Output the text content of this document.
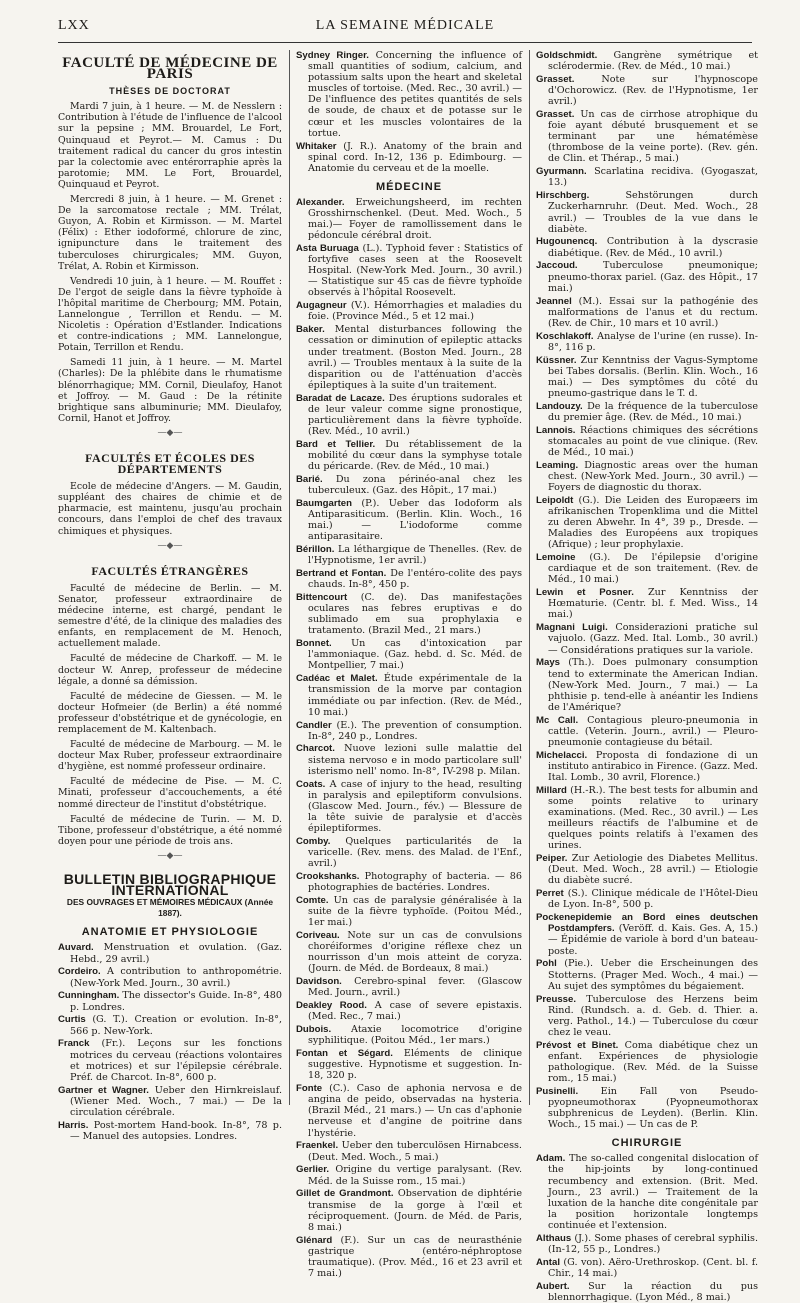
LXX	LA SEMAINE MÉDICALE
FACULTÉ DE MÉDECINE DE PARIS
THÈSES DE DOCTORAT

Mardi 7 juin, à 1 heure. — M. de Nesslern : Contribution à l'étude de l'influence de l'alcool sur la pepsine ; MM. Brouardel, Le Fort, Quinquaud et Peyrot.— M. Camus : Du traitement radical du cancer du gros intestin par la colectomie avec entérorraphie après la parotomie; MM. Le Fort, Brouardel, Quinquaud et Peyrot.

Mercredi 8 juin, à 1 heure. — M. Grenet : De la sarcomatose rectale ; MM. Trélat, Guyon, A. Robin et Kirmisson. — M. Martel (Félix) : Ether iodoformé, chlorure de zinc, ignipuncture dans le traitement des tuberculoses chirurgicales; MM. Guyon, Trélat, A. Robin et Kirmisson.

Vendredi 10 juin, à 1 heure. — M. Rouffet : De l'ergot de seigle dans la fièvre typhoïde à l'hôpital maritime de Cherbourg; MM. Potain, Lannelongue , Terrillon et Rendu. — M. Nicoletis : Opération d'Estlander. Indications et contre-indications ; MM. Lannelongue, Potain, Terrillon et Rendu.

Samedi 11 juin, à 1 heure. — M. Martel (Charles): De la phlébite dans le rhumatisme blénorrhagique; MM. Cornil, Dieulafoy, Hanot et Joffroy. — M. Gaud : De la rétinite brightique sans albuminurie; MM. Dieulafoy, Cornil, Hanot et Joffroy.

—◆—
FACULTÉS ET ÉCOLES DES DÉPARTEMENTS

Ecole de médecine d'Angers. — M. Gaudin, suppléant des chaires de chimie et de pharmacie, est maintenu, jusqu'au prochain concours, dans l'emploi de chef des travaux chimiques et physiques.

—◆—
FACULTÉS ÉTRANGÈRES

Faculté de médecine de Berlin. — M. Senator, professeur extraordinaire de médecine interne, est chargé, pendant le semestre d'été, de la clinique des maladies des enfants, en remplacement de M. Henoch, actuellement malade.

Faculté de médecine de Charkoff. — M. le docteur W. Anrep, professeur de médecine légale, a donné sa démission.

Faculté de médecine de Giessen. — M. le docteur Hofmeier (de Berlin) a été nommé professeur d'obstétrique et de gynécologie, en remplacement de M. Kaltenbach.

Faculté de médecine de Marbourg. — M. le docteur Max Ruber, professeur extraordinaire d'hygiène, est nommé professeur ordinaire.

Faculté de médecine de Pise. — M. C. Minati, professeur d'accouchements, a été nommé directeur de l'institut d'obstétrique.

Faculté de médecine de Turin. — M. D. Tibone, professeur d'obstétrique, a été nommé doyen pour une période de trois ans.

—◆—
BULLETIN BIBLIOGRAPHIQUE INTERNATIONAL
DES OUVRAGES ET MÉMOIRES MÉDICAUX (Année 1887).
ANATOMIE ET PHYSIOLOGIE

Auvard. Menstruation et ovulation. (Gaz. Hebd., 29 avril.)

Cordeiro. A contribution to anthropométrie. (New-York Med. Journ., 30 avril.)

Cunningham. The dissector's Guide. In-8°, 480 p. Londres.

Curtis (G. T.). Creation or evolution. In-8°, 566 p. New-York.

Franck (Fr.). Leçons sur les fonctions motrices du cerveau (réactions volontaires et motrices) et sur l'épilepsie cérébrale. Préf. de Charcot. In-8°, 600 p.

Gartner et Wagner. Ueber den Hirnkreislauf. (Wiener Med. Woch., 7 mai.) — De la circulation cérébrale.

Harris. Post-mortem Hand-book. In-8°, 78 p. — Manuel des autopsies. Londres.

Sydney Ringer. Concerning the influence of small quantities of sodium, calcium, and potassium salts upon the heart and skeletal muscles of tortoise. (Med. Rec., 30 avril.) — De l'influence des petites quantités de sels de soude, de chaux et de potasse sur le cœur et les muscles volontaires de la tortue.

Whitaker (J. R.). Anatomy of the brain and spinal cord. In-12, 136 p. Edimbourg. — Anatomie du cerveau et de la moelle.

MÉDECINE

Alexander. Erweichungsheerd, im rechten Grosshirnschenkel. (Deut. Med. Woch., 5 mai.)— Foyer de ramollissement dans le pédoncule cérébral droit.

Asta Buruaga (L.). Typhoid fever : Statistics of fortyfive cases seen at the Roosevelt Hospital. (New-York Med. Journ., 30 avril.) — Statistique sur 45 cas de fièvre typhoïde observés à l'hôpital Roosevelt.

Augagneur (V.). Hémorrhagies et maladies du foie. (Province Méd., 5 et 12 mai.)

Baker. Mental disturbances following the cessation or diminution of epileptic attacks under treatment. (Boston Med. Journ., 28 avril.) — Troubles mentaux à la suite de la disparition ou de l'atténuation d'accès épileptiques à la suite d'un traitement.

Baradat de Lacaze. Des éruptions sudorales et de leur valeur comme signe pronostique, particulièrement dans la fièvre typhoïde. (Rev. Méd., 10 avril.)

Bard et Tellier. Du rétablissement de la mobilité du cœur dans la symphyse totale du péricarde. (Rev. de Méd., 10 mai.)

Barié. Du zona périnéo-anal chez les tuberculeux. (Gaz. des Hôpit., 17 mai.)

Baumgarten (P.). Ueber das Iodoform als Antiparasiticum. (Berlin. Klin. Woch., 16 mai.) — L'iodoforme comme antiparasitaire.

Bérillon. La léthargique de Thenelles. (Rev. de l'Hypnotisme, 1er avril.)

Bertrand et Fontan. De l'entéro-colite des pays chauds. In-8°, 450 p.

Bittencourt (C. de). Das manifestações oculares nas febres eruptivas e do sublimado em sua prophylaxia e tratamento. (Brazil Med., 21 mars.)

Bonnet. Un cas d'intoxication par l'ammoniaque. (Gaz. hebd. d. Sc. Méd. de Montpellier, 7 mai.)

Cadéac et Malet. Étude expérimentale de la transmission de la morve par contagion immédiate ou par infection. (Rev. de Méd., 10 mai.)

Candler (E.). The prevention of consumption. In-8°, 240 p., Londres.

Charcot. Nuove lezioni sulle malattie del sistema nervoso e in modo particolare sull' isterismo nell' nomo. In-8°, IV-298 p. Milan.

Coats. A case of injury to the head, resulting in paralysis and epileptiform convulsions. (Glascow Med. Journ., fév.) — Blessure de la tête suivie de paralysie et d'accès épileptiformes.

Comby. Quelques particularités de la varicelle. (Rev. mens. des Malad. de l'Enf., avril.)

Crookshanks. Photography of bacteria. — 86 photographies de bactéries. Londres.

Comte. Un cas de paralysie généralisée à la suite de la fièvre typhoïde. (Poitou Méd., 1er mai.)

Coriveau. Note sur un cas de convulsions choréiformes d'origine réflexe chez un nourrisson d'un mois atteint de coryza. (Journ. de Méd. de Bordeaux, 8 mai.)

Davidson. Cerebro-spinal fever. (Glascow Med. Journ., avril.)

Deakley Rood. A case of severe epistaxis. (Med. Rec., 7 mai.)

Dubois. Ataxie locomotrice d'origine syphilitique. (Poitou Méd., 1er mars.)

Fontan et Ségard. Eléments de clinique suggestive. Hypnotisme et suggestion. In-18, 320 p.

Fonte (C.). Caso de aphonia nervosa e de angina de peido, observadas na hysteria. (Brazil Méd., 21 mars.) — Un cas d'aphonie nerveuse et d'angine de poitrine dans l'hystérie.

Fraenkel. Ueber den tuberculösen Hirnabcess. (Deut. Med. Woch., 5 mai.)

Gerlier. Origine du vertige paralysant. (Rev. Méd. de la Suisse rom., 15 mai.)

Gillet de Grandmont. Observation de diphtérie transmise de la gorge à l'œil et réciproquement. (Journ. de Méd. de Paris, 8 mai.)

Glénard (F.). Sur un cas de neurasthénie gastrique (entéro-néphroptose traumatique). (Prov. Méd., 16 et 23 avril et 7 mai.)

Goldschmidt. Gangrène symétrique et sclérodermie. (Rev. de Méd., 10 mai.)

Grasset. Note sur l'hypnoscope d'Ochorowicz. (Rev. de l'Hypnotisme, 1er avril.)

Grasset. Un cas de cirrhose atrophique du foie ayant débuté brusquement et se terminant par une hématémèse (thrombose de la veine porte). (Rev. gén. de Clin. et Thérap., 5 mai.)

Gyurmann. Scarlatina recidiva. (Gyogaszat, 13.)

Hirschberg. Sehstörungen durch Zuckerharnruhr. (Deut. Med. Woch., 28 avril.) — Troubles de la vue dans le diabète.

Hugounencq. Contribution à la dyscrasie diabétique. (Rev. de Méd., 10 avril.)

Jaccoud. Tuberculose pneumonique; pneumo-thorax pariel. (Gaz. des Hôpit., 17 mai.)

Jeannel (M.). Essai sur la pathogénie des malformations de l'anus et du rectum. (Rev. de Chir., 10 mars et 10 avril.)

Koschlakoff. Analyse de l'urine (en russe). In-8°, 116 p.

Küssner. Zur Kenntniss der Vagus-Symptome bei Tabes dorsalis. (Berlin. Klin. Woch., 16 mai.) — Des symptômes du côté du pneumo-gastrique dans le T. d.

Landouzy. De la fréquence de la tuberculose du premier âge. (Rev. de Méd., 10 mai.)

Lannois. Réactions chimiques des sécrétions stomacales au point de vue clinique. (Rev. de Méd., 10 mai.)

Leaming. Diagnostic areas over the human chest. (New-York Med. Journ., 30 avril.) — Foyers de diagnostic du thorax.

Leipoldt (G.). Die Leiden des Europæers im afrikanischen Tropenklima und die Mittel zu deren Abwehr. In 4°, 39 p., Dresde. — Maladies des Européens aux tropiques (Afrique) ; leur prophylaxie.

Lemoine (G.). De l'épilepsie d'origine cardiaque et de son traitement. (Rev. de Méd., 10 mai.)

Lewin et Posner. Zur Kenntniss der Hœmaturie. (Centr. bl. f. Med. Wiss., 14 mai.)

Magnani Luigi. Considerazioni pratiche sul vajuolo. (Gazz. Med. Ital. Lomb., 30 avril.) — Considérations pratiques sur la variole.

Mays (Th.). Does pulmonary consumption tend to exterminate the American Indian. (New-York Med. Journ., 7 mai.) — La phthisie p. tend-elle à anéantir les Indiens de l'Amérique?

Mc Call. Contagious pleuro-pneumonia in cattle. (Veterin. Journ., avril.) — Pleuro-pneumonie contagieuse du bétail.

Michelacci. Proposta di fondazione di un instituto antirabico in Firence. (Gazz. Med. Ital. Lomb., 30 avril, Florence.)

Millard (H.-R.). The best tests for albumin and some points relative to urinary examinations. (Med. Rec., 30 avril.) — Les meilleurs réactifs de l'albumine et de quelques points relatifs à l'examen des urines.

Peiper. Zur Aetiologie des Diabetes Mellitus. (Deut. Med. Woch., 28 avril.) — Etiologie du diabète sucré.

Perret (S.). Clinique médicale de l'Hôtel-Dieu de Lyon. In-8°, 500 p.

Pockenepidemie an Bord eines deutschen Postdampfers. (Veröff. d. Kais. Ges. A, 15.) — Épidémie de variole à bord d'un bateau-poste.

Pohl (Pie.). Ueber die Erscheinungen des Stotterns. (Prager Med. Woch., 4 mai.) — Au sujet des symptômes du bégaiement.

Preusse. Tuberculose des Herzens beim Rind. (Rundsch. a. d. Geb. d. Thier. a. verg. Pathol., 14.) — Tuberculose du cœur chez le veau.

Prévost et Binet. Coma diabétique chez un enfant. Expériences de physiologie pathologique. (Rev. Méd. de la Suisse rom., 15 mai.)

Pusinelli. Ein Fall von Pseudo-pyopneumothorax (Pyopneumothorax subphrenicus de Leyden). (Berlin. Klin. Woch., 15 mai.) — Un cas de P.

CHIRURGIE

Adam. The so-called congenital dislocation of the hip-joints by long-continued recumbency and extension. (Brit. Med. Journ., 23 avril.) — Traitement de la luxation de la hanche dite congénitale par la position horizontale longtemps continuée et l'extension.

Althaus (J.). Some phases of cerebral syphilis. (In-12, 55 p., Londres.)

Antal (G. von). Aëro-Urethroskop. (Cent. bl. f. Chir., 14 mai.)

Aubert. Sur la réaction du pus blennorrhagique. (Lyon Méd., 8 mai.)
